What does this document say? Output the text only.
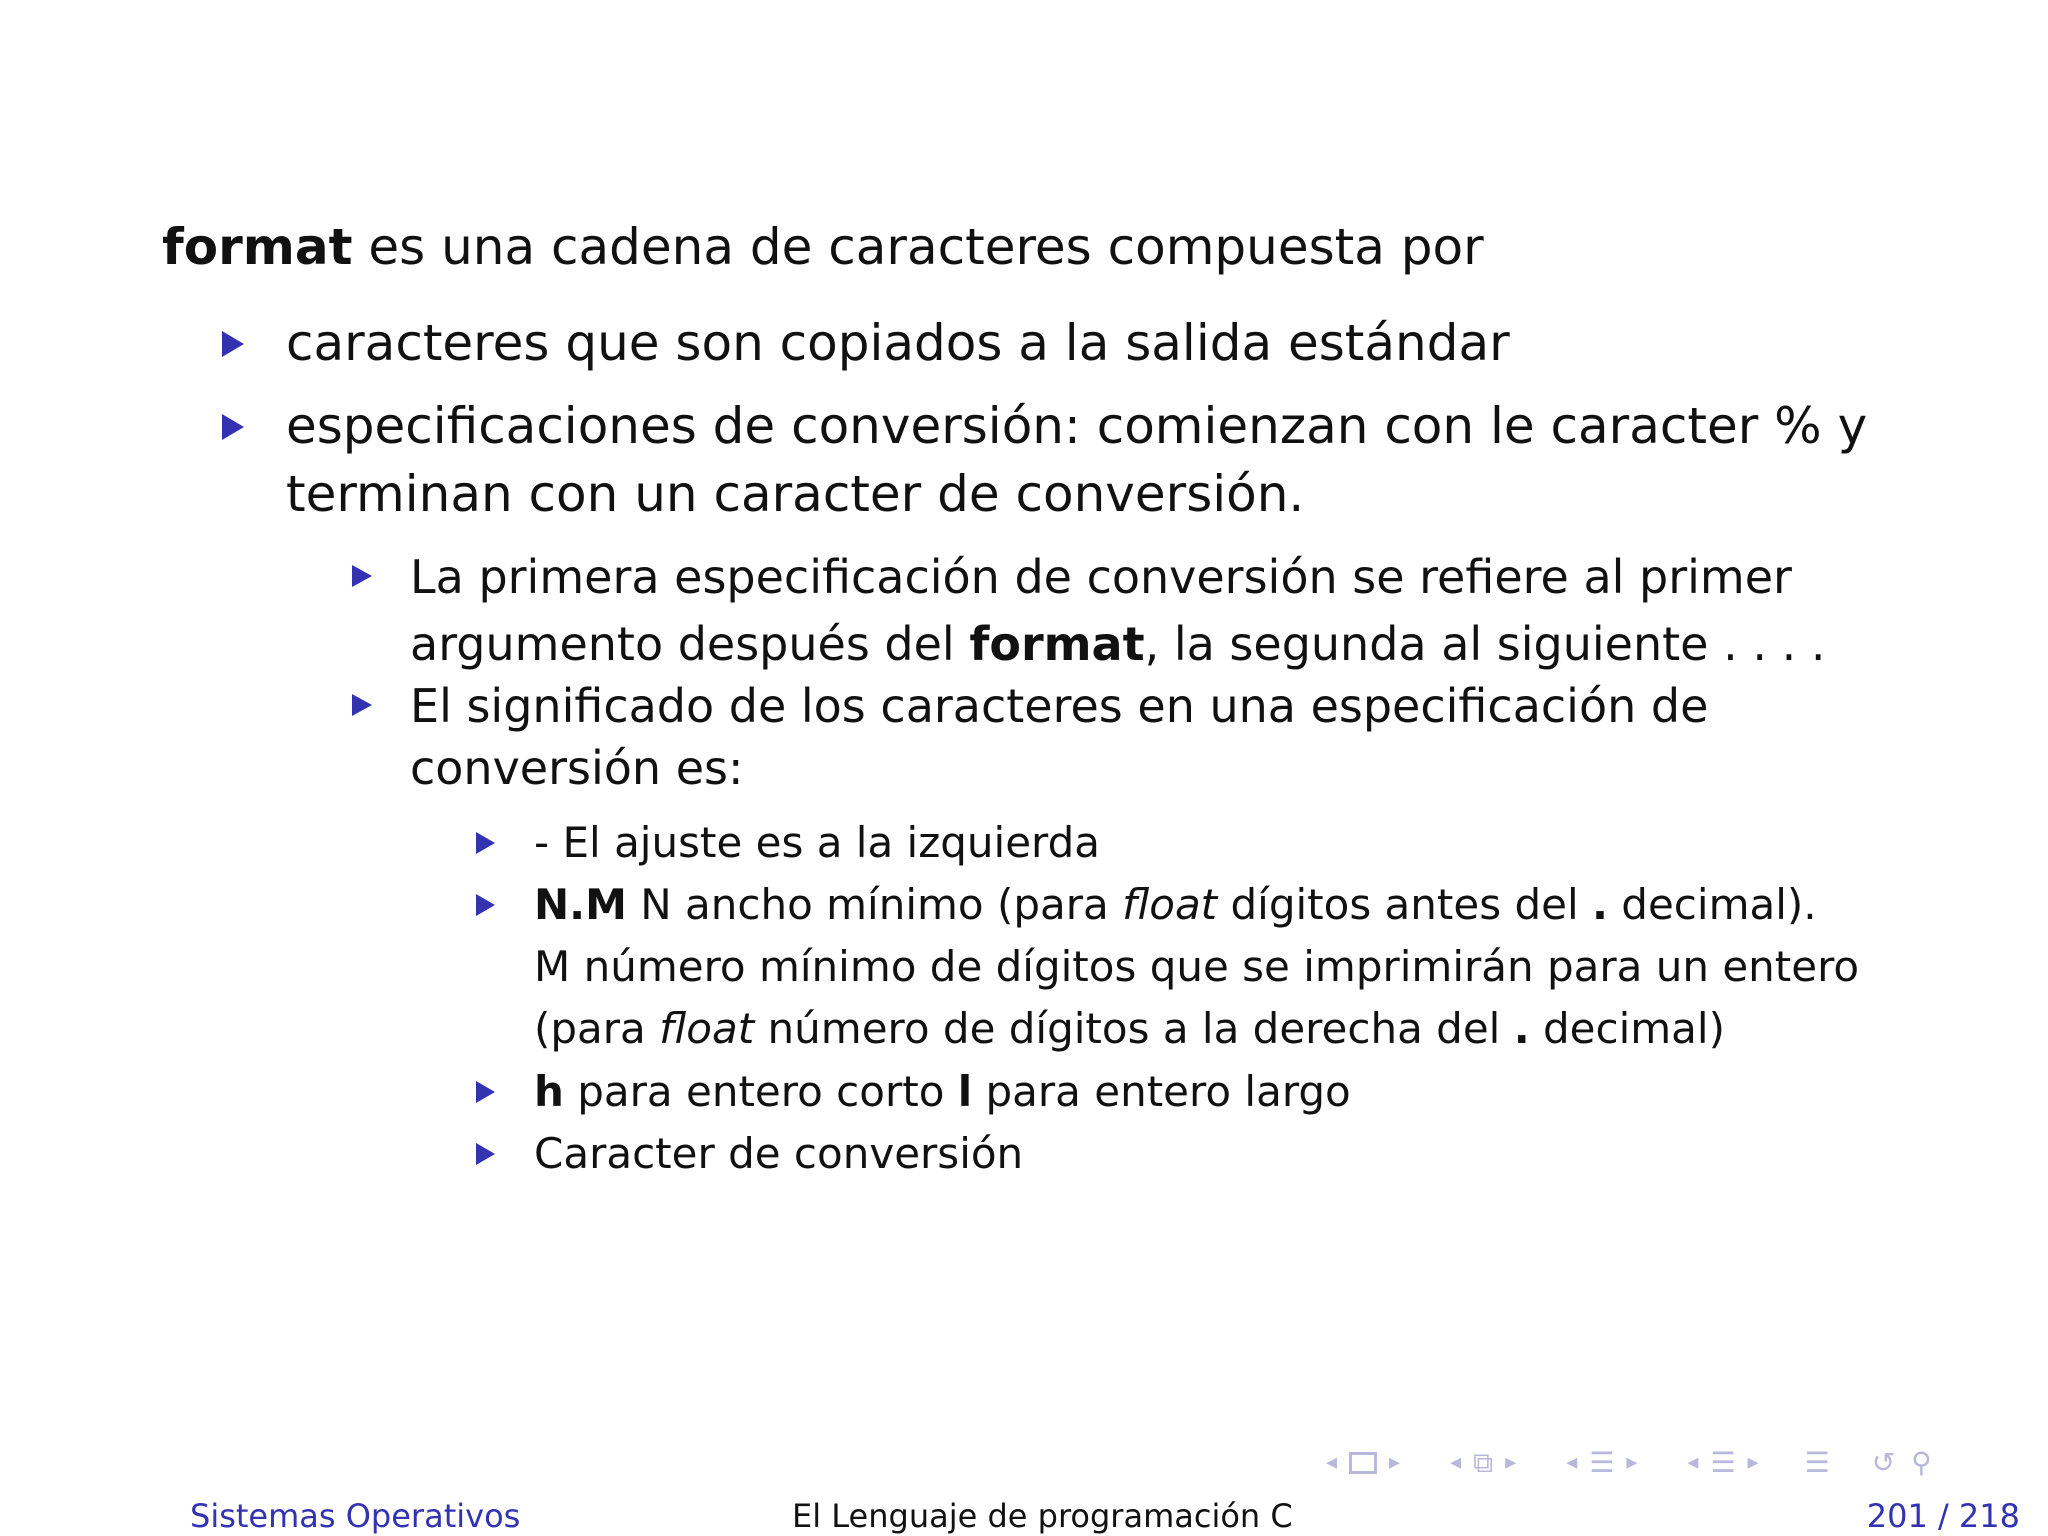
format es una cadena de caracteres compuesta por
caracteres que son copiados a la salida estándar
especificaciones de conversión: comienzan con le caracter % y
terminan con un caracter de conversión.
La primera especificación de conversión se refiere al primer
argumento después del format, la segunda al siguiente . . . .
El significado de los caracteres en una especificación de
conversión es:
- El ajuste es a la izquierda
N.M N ancho mínimo (para float dígitos antes del . decimal).
M número mínimo de dígitos que se imprimirán para un entero
(para float número de dígitos a la derecha del . decimal)
h para entero corto l para entero largo
Caracter de conversión
◂ ▸ ◂ ⧉ ▸ ◂ ☰ ▸ ◂ ☰ ▸ ☰ ↺ ⚲
Sistemas Operativos	El Lenguaje de programación C	201 / 218
